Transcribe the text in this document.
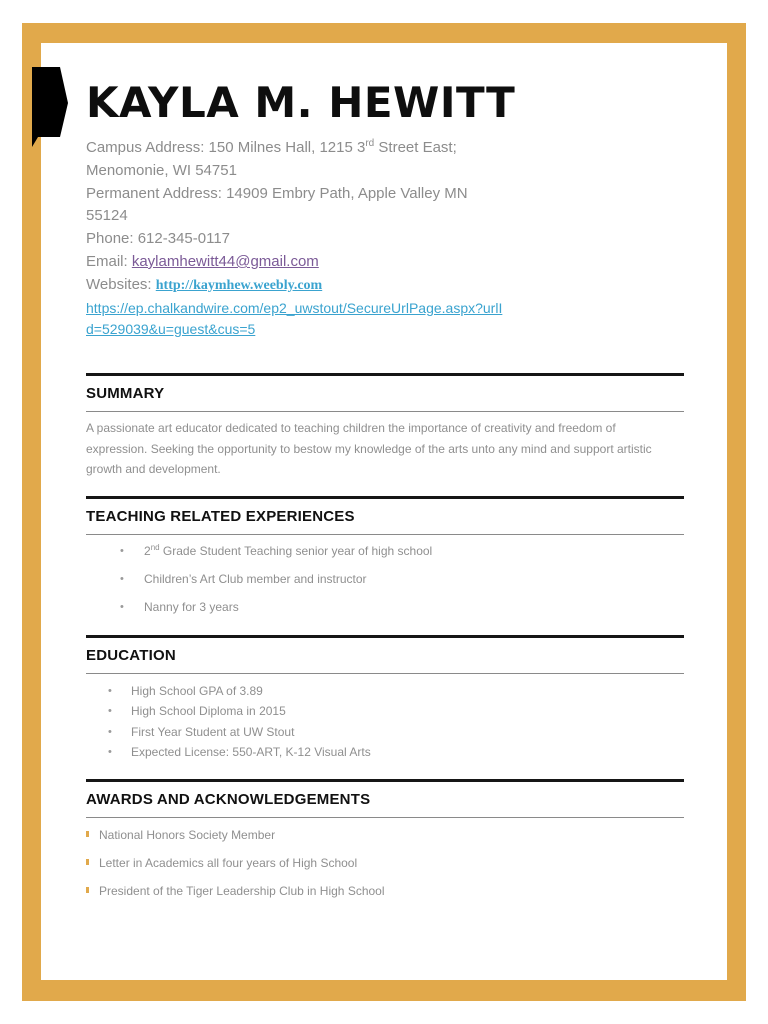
KAYLA M. HEWITT
Campus Address: 150 Milnes Hall, 1215 3rd Street East;
Menomonie, WI 54751
Permanent Address: 14909 Embry Path, Apple Valley MN
55124
Phone: 612-345-0117
Email: kaylamhewitt44@gmail.com
Websites: http://kaymhew.weebly.com
https://ep.chalkandwire.com/ep2_uwstout/SecureUrlPage.aspx?urlI
d=529039&u=guest&cus=5
SUMMARY
A passionate art educator dedicated to teaching children the importance of creativity and freedom of expression. Seeking the opportunity to bestow my knowledge of the arts unto any mind and support artistic growth and development.
TEACHING RELATED EXPERIENCES
• 2nd Grade Student Teaching senior year of high school
• Children’s Art Club member and instructor
• Nanny for 3 years
EDUCATION
• High School GPA of 3.89
• High School Diploma in 2015
• First Year Student at UW Stout
• Expected License: 550-ART, K-12 Visual Arts
AWARDS AND ACKNOWLEDGEMENTS
National Honors Society Member
Letter in Academics all four years of High School
President of the Tiger Leadership Club in High School
